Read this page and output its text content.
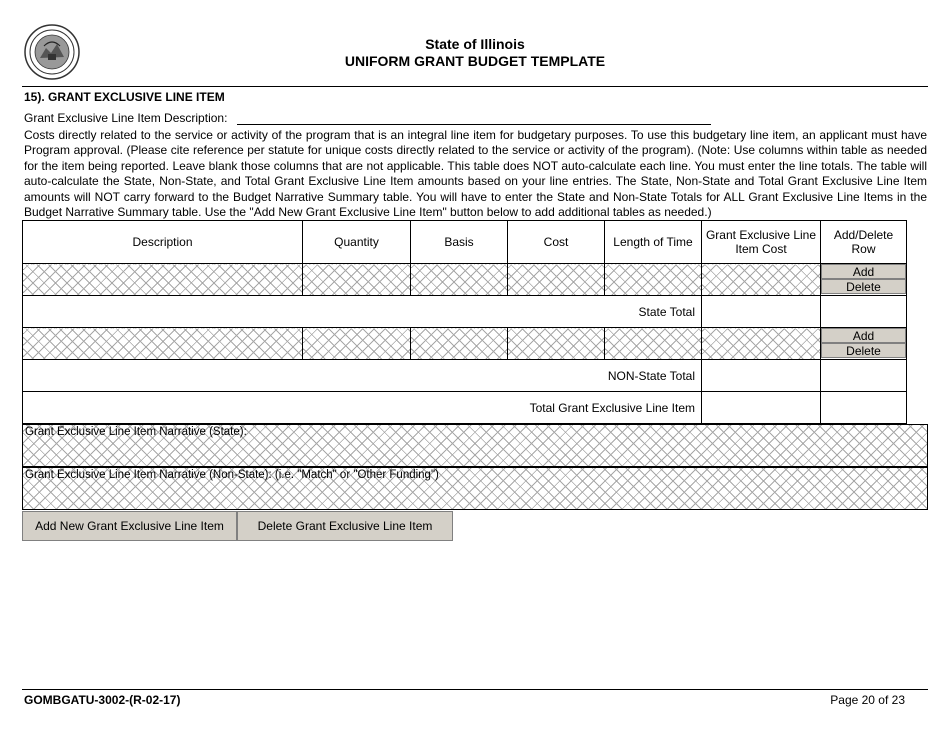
State of Illinois
UNIFORM GRANT BUDGET TEMPLATE
15). GRANT EXCLUSIVE LINE ITEM
Grant Exclusive Line Item Description:
Costs directly related to the service or activity of the program that is an integral line item for budgetary purposes. To use this budgetary line item, an applicant must have Program approval. (Please cite reference per statute for unique costs directly related to the service or activity of the program). (Note: Use columns within table as needed for the item being reported. Leave blank those columns that are not applicable. This table does NOT auto-calculate each line. You must enter the line totals. The table will auto-calculate the State, Non-State, and Total Grant Exclusive Line Item amounts based on your line entries. The State, Non-State and Total Grant Exclusive Line Item amounts will NOT carry forward to the Budget Narrative Summary table. You will have to enter the State and Non-State Totals for ALL Grant Exclusive Line Items in the Budget Narrative Summary table. Use the "Add New Grant Exclusive Line Item" button below to add additional tables as needed.)
Description	Quantity	Basis	Cost	Length of Time	Grant Exclusive Line Item Cost	Add/Delete Row	

						Add
Delete	

State Total							

						Add
Delete	

NON-State Total							
Total Grant Exclusive Line Item							
Grant Exclusive Line Item Narrative (State):
Grant Exclusive Line Item Narrative (Non-State): (i.e. "Match" or "Other Funding")
Add New Grant Exclusive Line Item	Delete Grant Exclusive Line Item
GOMBGATU-3002-(R-02-17)	Page 20 of 23
